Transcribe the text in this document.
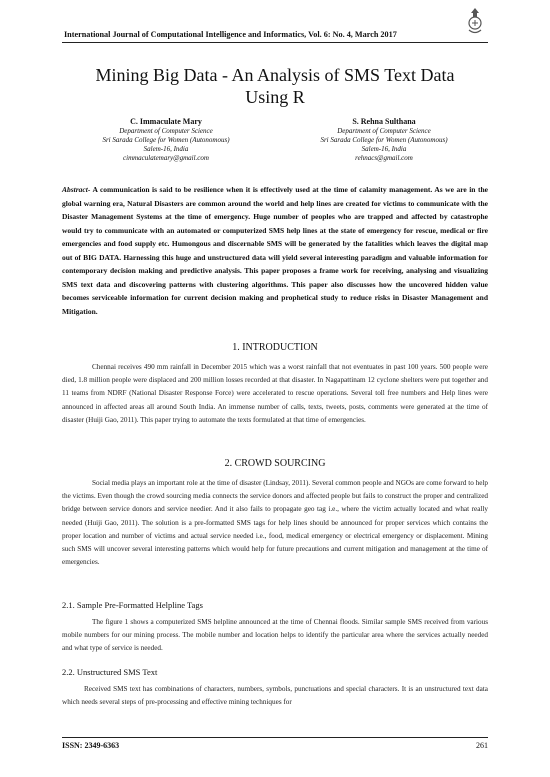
International Journal of Computational Intelligence and Informatics, Vol. 6: No. 4, March 2017
Mining Big Data - An Analysis of SMS Text Data
Using R
C. Immaculate Mary
Department of Computer Science
Sri Sarada College for Women (Autonomous)
Salem-16, India
cimmaculatemary@gmail.com
S. Rehna Sulthana
Department of Computer Science
Sri Sarada College for Women (Autonomous)
Salem-16, India
rehnacs@gmail.com
Abstract- A communication is said to be resilience when it is effectively used at the time of calamity management. As we are in the global warning era, Natural Disasters are common around the world and help lines are created for victims to communicate with the Disaster Management Systems at the time of emergency. Huge number of peoples who are trapped and affected by catastrophe would try to communicate with an automated or computerized SMS help lines at the state of emergency for rescue, medical or fire emergencies and food supply etc. Humongous and discernable SMS will be generated by the fatalities which leaves the digital map out of BIG DATA. Harnessing this huge and unstructured data will yield several interesting paradigm and valuable information for contemporary decision making and predictive analysis. This paper proposes a frame work for receiving, analysing and visualizing SMS text data and discovering patterns with clustering algorithms. This paper also discusses how the uncovered hidden value becomes serviceable information for current decision making and prophetical study to reduce risks in Disaster Management and Mitigation.
1. INTRODUCTION
Chennai receives 490 mm rainfall in December 2015 which was a worst rainfall that not eventuates in past 100 years. 500 people were died, 1.8 million people were displaced and 200 million losses recorded at that disaster. In Nagapattinam 12 cyclone shelters were put together and 11 teams from NDRF (National Disaster Response Force) were accelerated to rescue operations. Several toll free numbers and Help lines were announced in affected areas all around South India. An immense number of calls, texts, tweets, posts, comments were generated at the time of disaster (Huiji Gao, 2011). This paper trying to automate the texts formulated at that time of emergencies.
2. CROWD SOURCING
Social media plays an important role at the time of disaster (Lindsay, 2011). Several common people and NGOs are come forward to help the victims. Even though the crowd sourcing media connects the service donors and affected people but fails to construct the proper and centralized bridge between service donors and service needier. And it also fails to propagate geo tag i.e., where the victim actually located and what really needed (Huiji Gao, 2011). The solution is a pre-formatted SMS tags for help lines should be announced for proper services which contains the proper location and number of victims and actual service needed i.e., food, medical emergency or electrical emergency or displacement. Mining such SMS will uncover several interesting patterns which would help for future precautions and current mitigation and management at the time of emergencies.
2.1. Sample Pre-Formatted Helpline Tags
The figure 1 shows a computerized SMS helpline announced at the time of Chennai floods. Similar sample SMS received from various mobile numbers for our mining process. The mobile number and location helps to identify the particular area where the services actually needed and what type of service is needed.
2.2. Unstructured SMS Text
Received SMS text has combinations of characters, numbers, symbols, punctuations and special characters. It is an unstructured text data which needs several steps of pre-processing and effective mining techniques for
ISSN: 2349-6363	261
